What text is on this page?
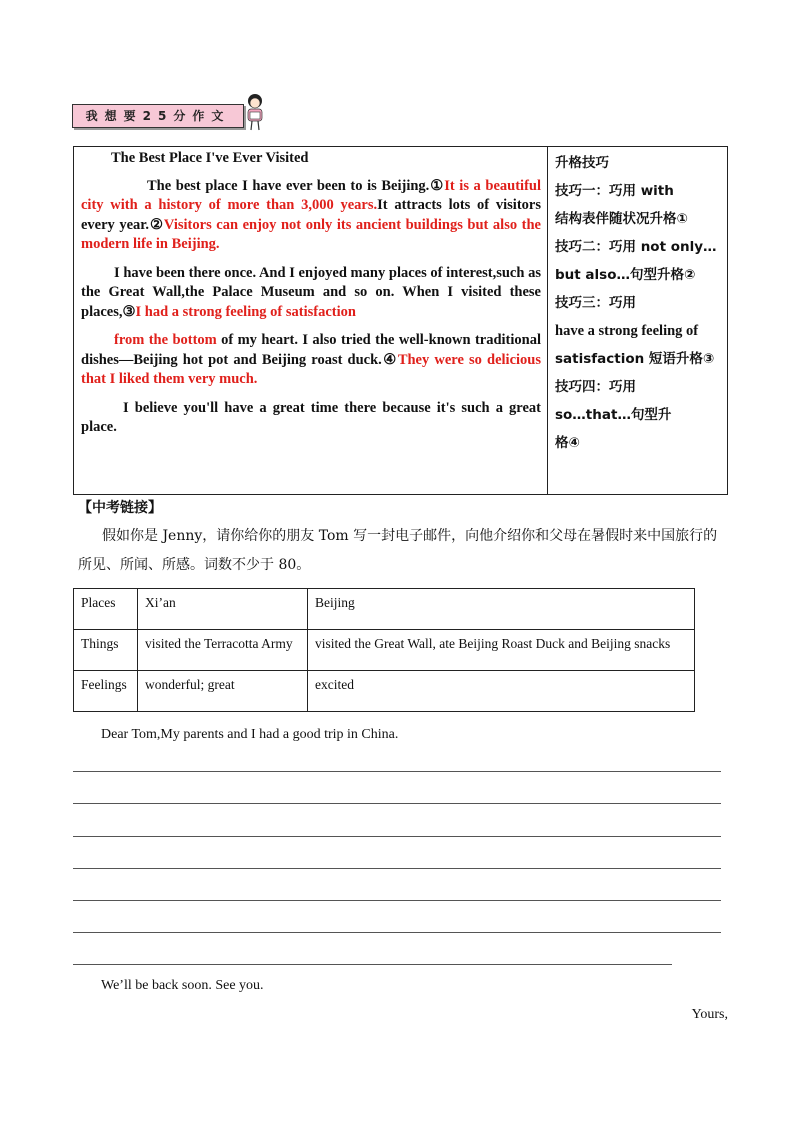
我想要25分作文

The Best Place I've Ever Visited

The best place I have ever been to is Beijing.①It is a beautiful city with a history of more than 3,000 years.It attracts lots of visitors every year.②Visitors can enjoy not only its ancient buildings but also the modern life in Beijing.

I have been there once. And I enjoyed many places of interest,such as the Great Wall,the Palace Museum and so on. When I visited these places,③I had a strong feeling of satisfaction

from the bottom of my heart. I also tried the well-known traditional dishes—Beijing hot pot and Beijing roast duck.④They were so delicious that I liked them very much.

I believe you'll have a great time there because it's such a great place.

升格技巧
技巧一：巧用 with
结构表伴随状况升格①
技巧二：巧用 not only…
but also…句型升格②
技巧三：巧用
have a strong feeling of
satisfaction 短语升格③
技巧四：巧用
so…that…句型升
格④
【中考链接】
假如你是 Jenny，请你给你的朋友 Tom 写一封电子邮件，向他介绍你和父母在暑假时来中国旅行的所见、所闻、所感。词数不少于 80。
Places	Xi’an	Beijing
Things	visited the Terracotta Army	visited the Great Wall, ate Beijing Roast Duck and Beijing snacks
Feelings	wonderful; great	excited
Dear Tom,My parents and I had a good trip in China.
We’ll be back soon. See you.
Yours,
